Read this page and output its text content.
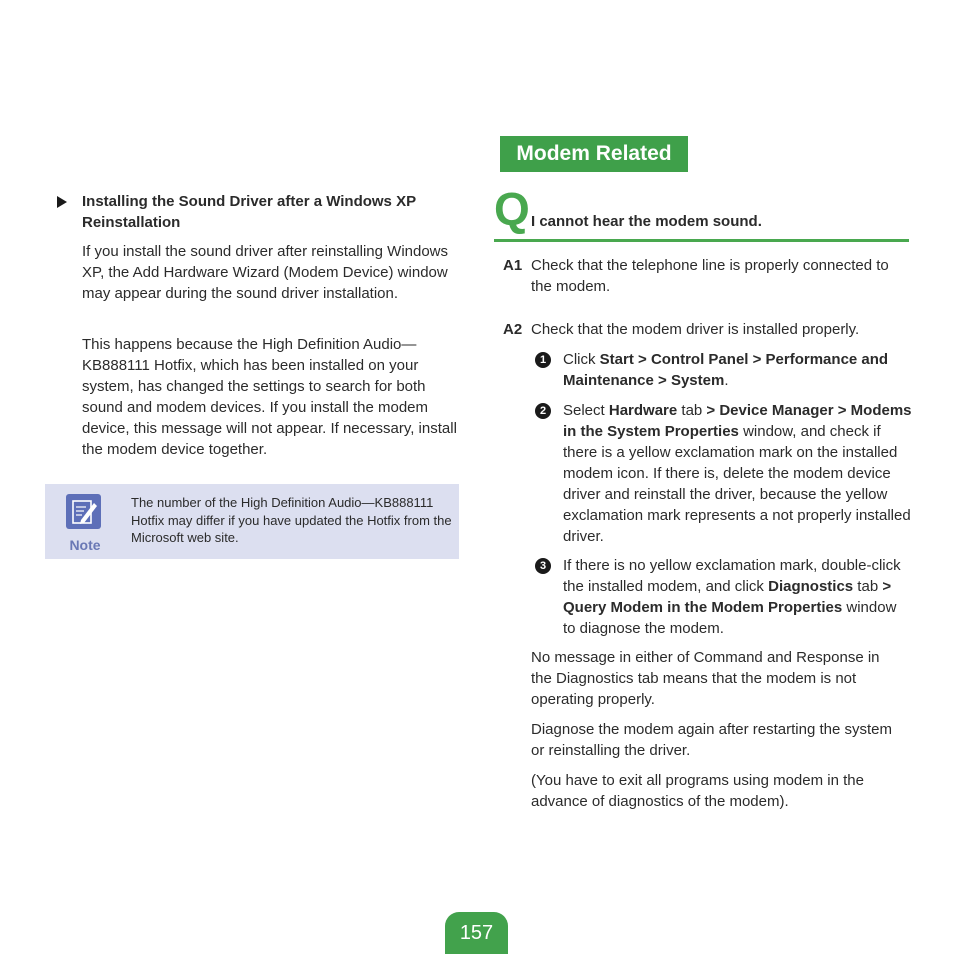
Installing the Sound Driver after a Windows XP Reinstallation
If you install the sound driver after reinstalling Windows XP, the Add Hardware Wizard (Modem Device) window may appear during the sound driver installation.
This happens because the High Definition Audio—KB888111 Hotfix, which has been installed on your system, has changed the settings to search for both sound and modem devices. If you install the modem device, this message will not appear. If necessary, install the modem device together.
Note
The number of the High Definition Audio—KB888111 Hotfix may differ if you have updated the Hotfix from the Microsoft web site.
Modem Related
Q I cannot hear the modem sound.
A1 Check that the telephone line is properly connected to the modem.
A2 Check that the modem driver is installed properly.
1	Click Start > Control Panel > Performance and Maintenance > System.
2	Select Hardware tab > Device Manager > Modems in the System Properties window, and check if there is a yellow exclamation mark on the installed modem icon. If there is, delete the modem device driver and reinstall the driver, because the yellow exclamation mark represents a not properly installed driver.
3	If there is no yellow exclamation mark, double-click the installed modem, and click Diagnostics tab > Query Modem in the Modem Properties window to diagnose the modem.
No message in either of Command and Response in the Diagnostics tab means that the modem is not operating properly.
Diagnose the modem again after restarting the system or reinstalling the driver.
(You have to exit all programs using modem in the advance of diagnostics of the modem).
157
